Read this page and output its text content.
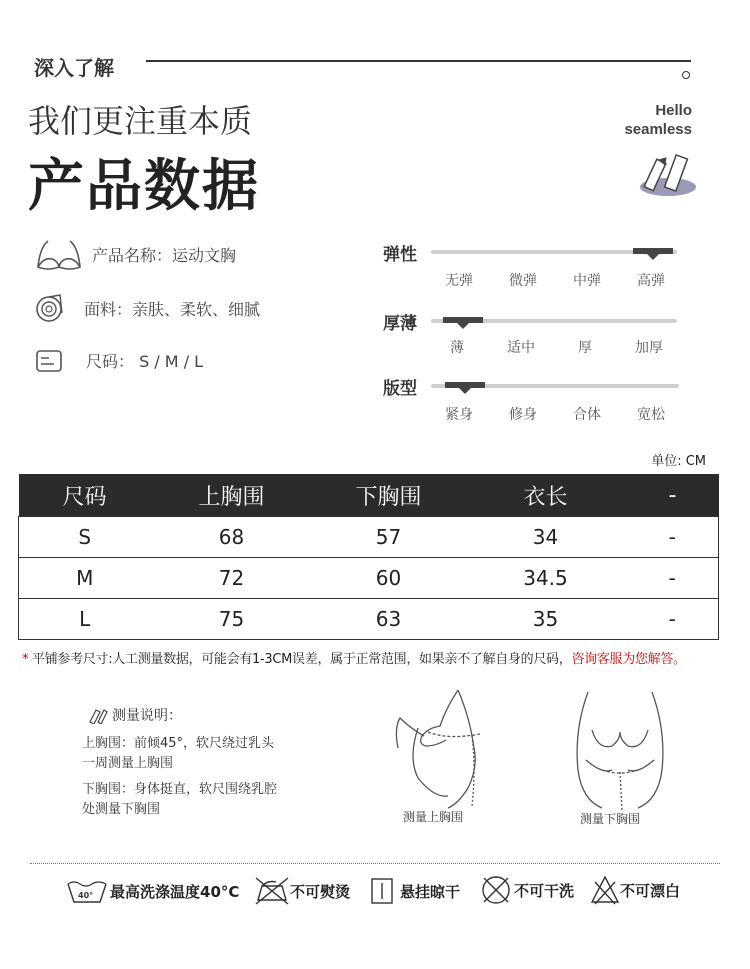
深入了解
我们更注重本质
产品数据
Hello
seamless
产品名称：运动文胸
面料：亲肤、柔软、细腻
尺码： S / M / L
弹性
无弹	微弹	中弹	高弹
厚薄
薄	适中	厚	加厚
版型
紧身	修身	合体	宽松
单位: CM
尺码	上胸围	下胸围	衣长	-
S	68	57	34	-
M	72	60	34.5	-
L	75	63	35	-
* 平铺参考尺寸:人工测量数据，可能会有1-3CM误差，属于正常范围，如果亲不了解自身的尺码，咨询客服为您解答。
测量说明：
上胸围：前倾45°，软尺绕过乳头
一周测量上胸围
下胸围：身体挺直，软尺围绕乳腔
处测量下胸围	测量上胸围	测量下胸围
40° 最高洗涤温度40°C	不可熨烫	悬挂晾干	不可干洗	不可漂白
